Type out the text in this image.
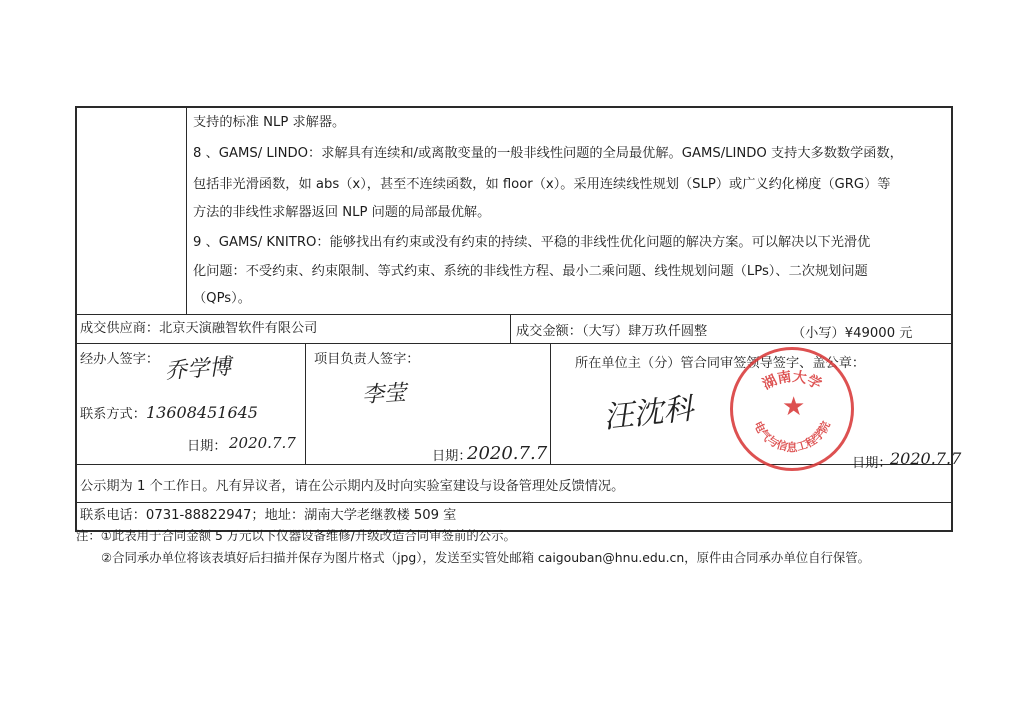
支持的标准 NLP 求解器。
8 、GAMS/ LINDO：求解具有连续和/或离散变量的一般非线性问题的全局最优解。GAMS/LINDO 支持大多数数学函数，
包括非光滑函数，如 abs（x），甚至不连续函数，如 floor（x）。采用连续线性规划（SLP）或广义约化梯度（GRG）等
方法的非线性求解器返回 NLP 问题的局部最优解。
9 、GAMS/ KNITRO：能够找出有约束或没有约束的持续、平稳的非线性优化问题的解决方案。可以解决以下光滑优
化问题：不受约束、约束限制、等式约束、系统的非线性方程、最小二乘问题、线性规划问题（LPs）、二次规划问题
（QPs）。
成交供应商：北京天演融智软件有限公司	成交金额：（大写）肆万玖仟圆整	（小写）¥49000 元
经办人签字： 乔学博
联系方式： 13608451645
日期： 2020.7.7
项目负责人签字：
李莹
日期：
2020.7.7
所在单位主（分）管合同审签领导签字、盖公章：
汪沈科
日期：
2020.7.7
湖南大学
电气与信息工程学院
★
公示期为 1 个工作日。凡有异议者，请在公示期内及时向实验室建设与设备管理处反馈情况。
联系电话：0731-88822947；地址：湖南大学老继教楼 509 室
注：①此表用于合同金额 5 万元以下仪器设备维修/升级改造合同审签前的公示。
②合同承办单位将该表填好后扫描并保存为图片格式（jpg），发送至实管处邮箱 caigouban@hnu.edu.cn，原件由合同承办单位自行保管。
